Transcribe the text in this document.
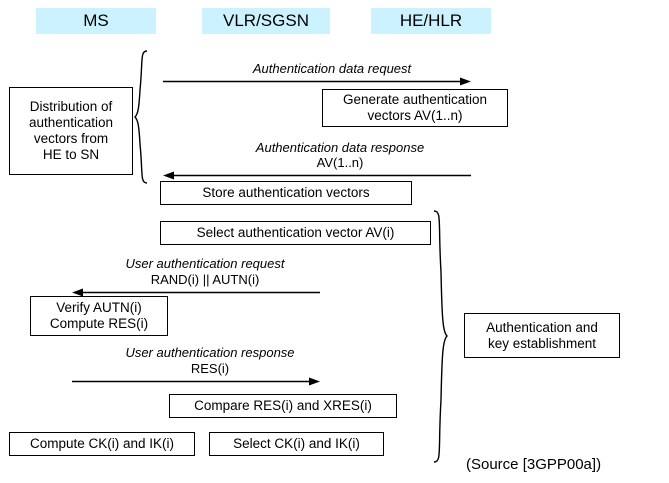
MS	VLR/SGSN	HE/HLR
Distribution of
authentication
vectors from
HE to SN
Authentication data request
Generate authentication
vectors AV(1..n)
Authentication data response
AV(1..n)
Store authentication vectors
Select authentication vector AV(i)
Authentication and
key establishment
User authentication request
RAND(i) || AUTN(i)
Verify AUTN(i)
Compute RES(i)
User authentication response
RES(i)
Compare RES(i) and XRES(i)
Compute CK(i) and IK(i)	Select CK(i) and IK(i)
(Source [3GPP00a])
